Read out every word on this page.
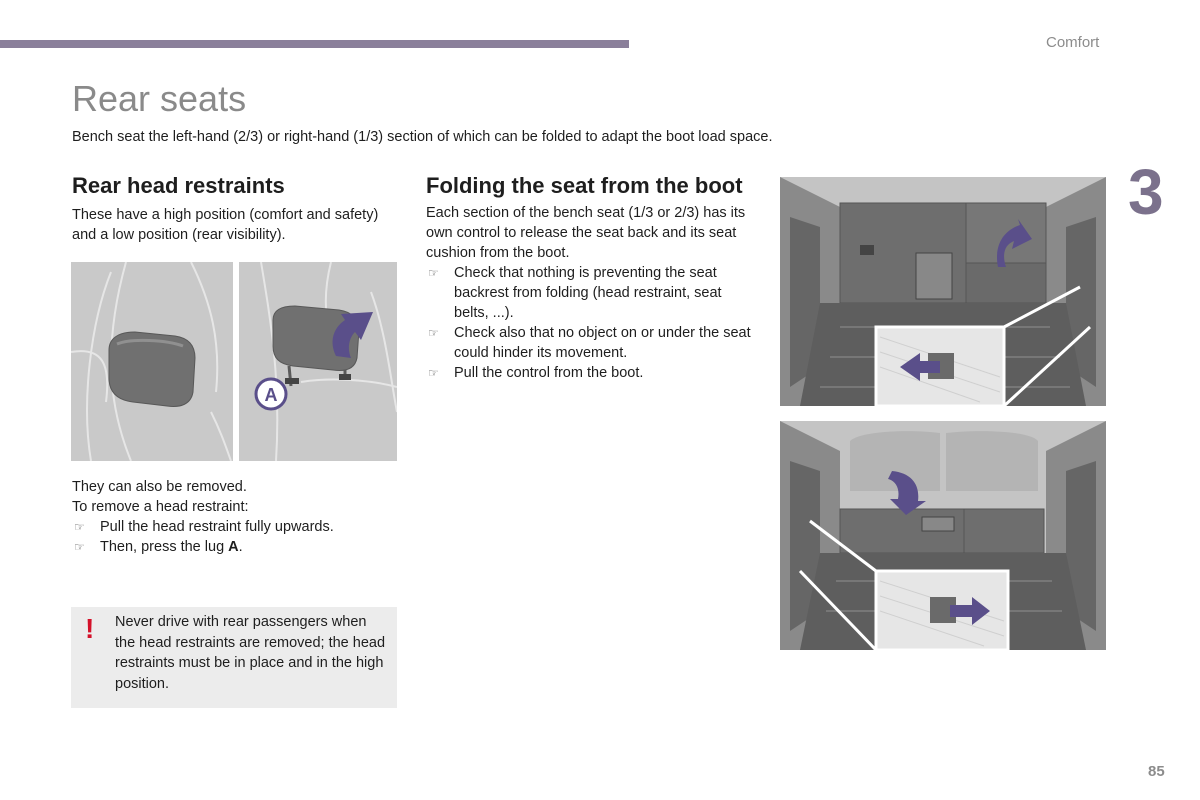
Comfort
3
Rear seats

Bench seat the left-hand (2/3) or right-hand (1/3) section of which can be folded to adapt the boot load space.

Rear head restraints

These have a high position (comfort and safety) and a low position (rear visibility).

A

They can also be removed.

To remove a head restraint:

☞ Pull the head restraint fully upwards.
☞ Then, press the lug A.
! Never drive with rear passengers when the head restraints are removed; the head restraints must be in place and in the high position.
Folding the seat from the boot

Each section of the bench seat (1/3 or 2/3) has its own control to release the seat back and its seat cushion from the boot.

☞ Check that nothing is preventing the seat backrest from folding (head restraint, seat belts, ...).
☞ Check also that no object on or under the seat could hinder its movement.
☞ Pull the control from the boot.
85
